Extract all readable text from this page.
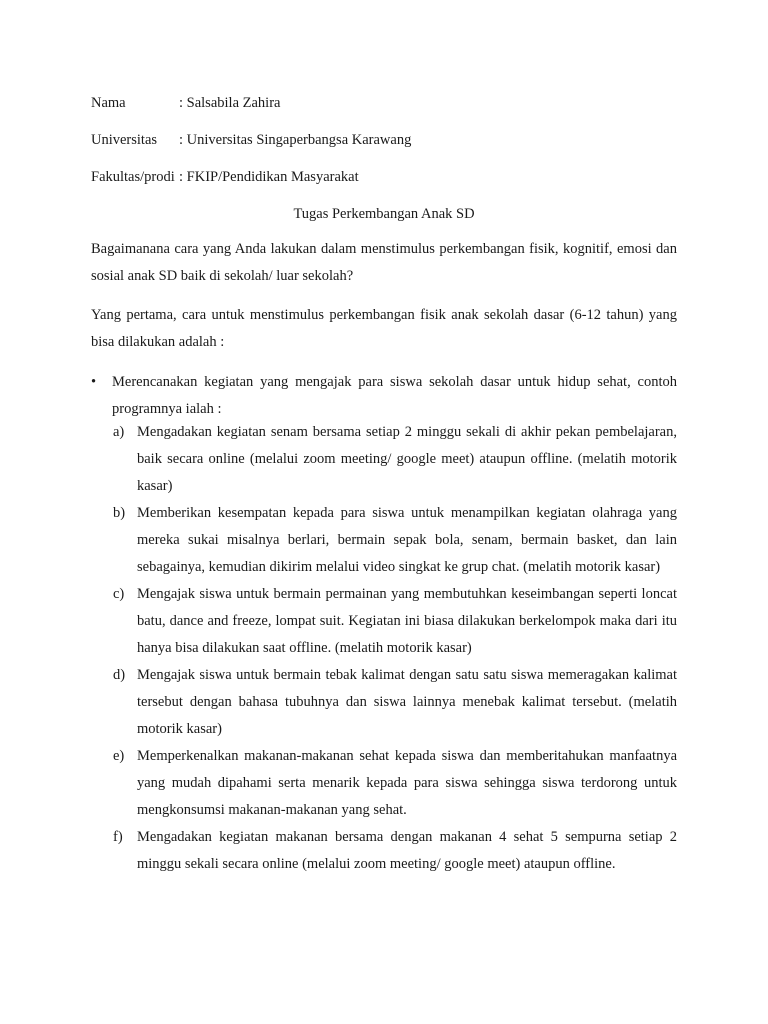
Nama	: Salsabila Zahira
Universitas : Universitas Singaperbangsa Karawang
Fakultas/prodi : FKIP/Pendidikan Masyarakat
Tugas Perkembangan Anak SD
Bagaimanana cara yang Anda lakukan dalam menstimulus perkembangan fisik, kognitif, emosi dan sosial anak SD baik di sekolah/ luar sekolah?
Yang pertama, cara untuk menstimulus perkembangan fisik anak sekolah dasar (6-12 tahun) yang bisa dilakukan adalah :
• Merencanakan kegiatan yang mengajak para siswa sekolah dasar untuk hidup sehat, contoh programnya ialah :
a) Mengadakan kegiatan senam bersama setiap 2 minggu sekali di akhir pekan pembelajaran, baik secara online (melalui zoom meeting/ google meet) ataupun offline. (melatih motorik kasar)
b) Memberikan kesempatan kepada para siswa untuk menampilkan kegiatan olahraga yang mereka sukai misalnya berlari, bermain sepak bola, senam, bermain basket, dan lain sebagainya, kemudian dikirim melalui video singkat ke grup chat. (melatih motorik kasar)
c) Mengajak siswa untuk bermain permainan yang membutuhkan keseimbangan seperti loncat batu, dance and freeze, lompat suit. Kegiatan ini biasa dilakukan berkelompok maka dari itu hanya bisa dilakukan saat offline. (melatih motorik kasar)
d) Mengajak siswa untuk bermain tebak kalimat dengan satu satu siswa memeragakan kalimat tersebut dengan bahasa tubuhnya dan siswa lainnya menebak kalimat tersebut. (melatih motorik kasar)
e) Memperkenalkan makanan-makanan sehat kepada siswa dan memberitahukan manfaatnya yang mudah dipahami serta menarik kepada para siswa sehingga siswa terdorong untuk mengkonsumsi makanan-makanan yang sehat.
f) Mengadakan kegiatan makanan bersama dengan makanan 4 sehat 5 sempurna setiap 2 minggu sekali secara online (melalui zoom meeting/ google meet) ataupun offline.
